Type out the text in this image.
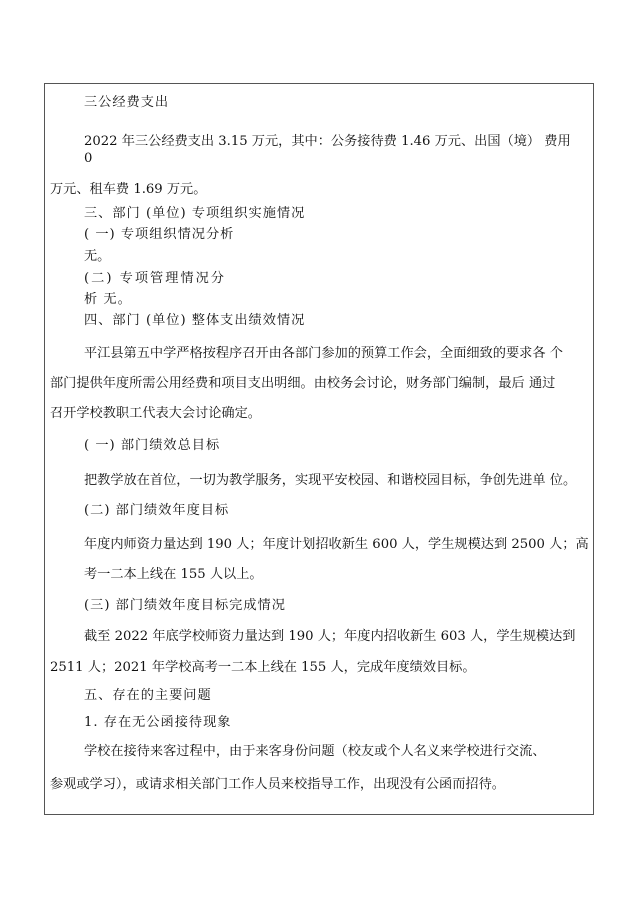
三公经费支出
2022 年三公经费支出 3.15 万元，其中：公务接待费 1.46 万元、出国（境） 费用
0
万元、租车费 1.69 万元。
三、部门 (单位) 专项组织实施情况
( 一) 专项组织情况分析
无。
(二) 专项管理情况分
析 无。
四、部门 (单位) 整体支出绩效情况
平江县第五中学严格按程序召开由各部门参加的预算工作会，全面细致的要求各 个
部门提供年度所需公用经费和项目支出明细。由校务会讨论，财务部门编制，最后 通过
召开学校教职工代表大会讨论确定。
( 一) 部门绩效总目标
把教学放在首位，一切为教学服务，实现平安校园、和谐校园目标，争创先进单 位。
(二) 部门绩效年度目标
年度内师资力量达到 190 人；年度计划招收新生 600 人，学生规模达到 2500 人；高
考一二本上线在 155 人以上。
(三) 部门绩效年度目标完成情况
截至 2022 年底学校师资力量达到 190 人；年度内招收新生 603 人，学生规模达到
2511 人；2021 年学校高考一二本上线在 155 人，完成年度绩效目标。
五、存在的主要问题
1. 存在无公函接待现象
学校在接待来客过程中，由于来客身份问题（校友或个人名义来学校进行交流、
参观或学习），或请求相关部门工作人员来校指导工作，出现没有公函而招待。
